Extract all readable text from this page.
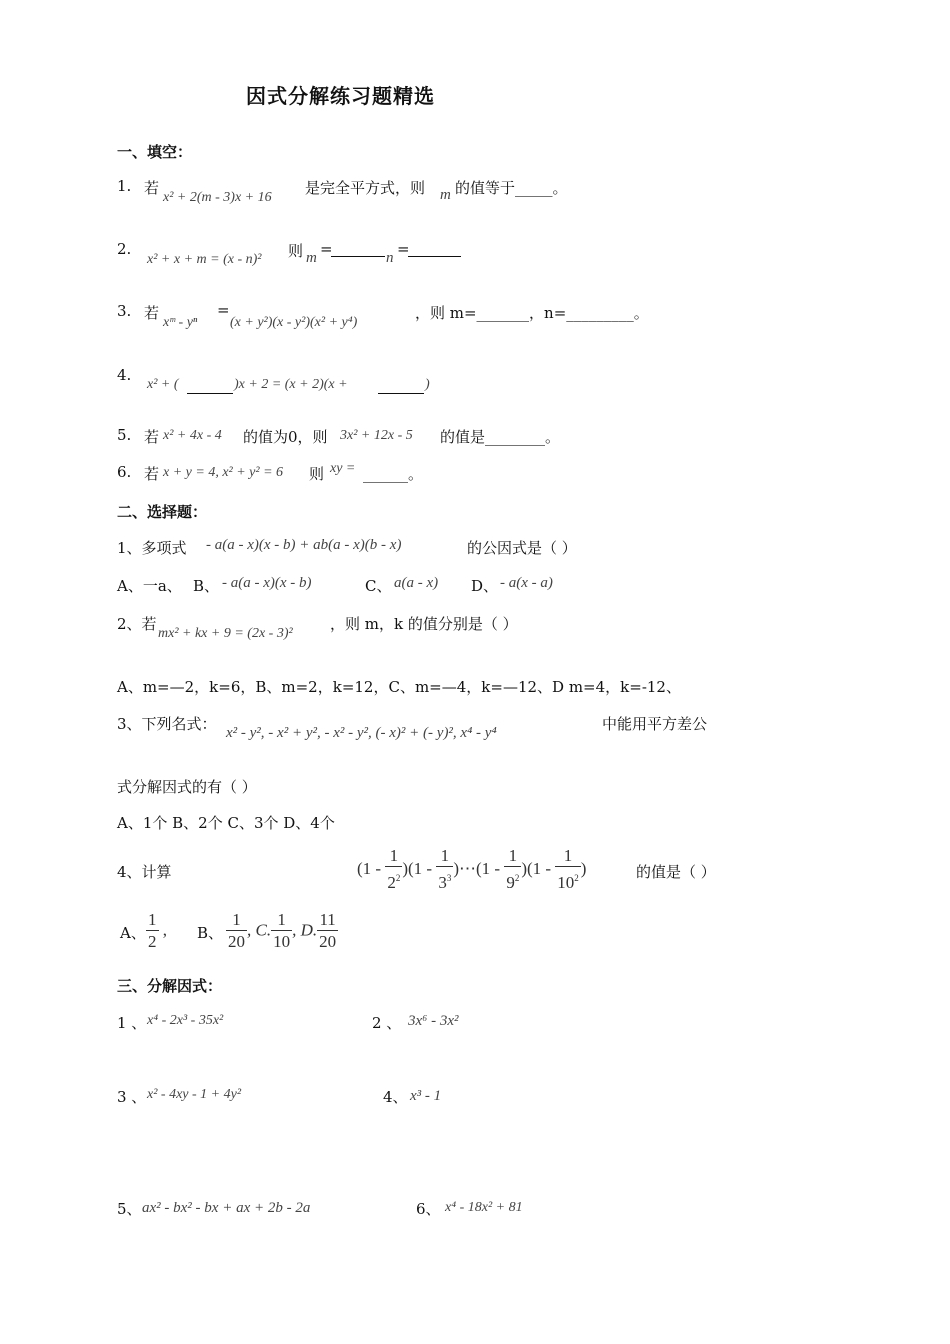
因式分解练习题精选
一、填空：
1. 若
x² + 2(m - 3)x + 16
是完全平方式，则 m 的值等于_____。
2.
x² + x + m = (x - n)² 则 m =	n =
3. 若
xᵐ - yⁿ
=
(x + y²)(x - y²)(x² + y⁴)
，则 m=_______，n=_________。
4.
x² + (	)x + 2 = (x + 2)(x +	)
5. 若 x² + 4x - 4 的值为0，则 3x² + 12x - 5 的值是________。
6. 若 x + y = 4, x² + y² = 6 则 xy = ______。
二、选择题：
1、多项式 - a(a - x)(x - b) + ab(a - x)(b - x)	的公因式是（ ）
A、一a、 B、 - a(a - x)(x - b)	C、 a(a - x) D、 - a(x - a)
2、若
mx² + kx + 9 = (2x - 3)²
，则 m，k 的值分别是（ ）
A、m=—2，k=6，B、m=2，k=12，C、m=—4，k=—12、D m=4，k=-12、
3、下列名式： x² - y², - x² + y², - x² - y², (- x)² + (- y)², x⁴ - y⁴	中能用平方差公
式分解因式的有（ ）
A、1个 B、2个 C、3个 D、4个
4、计算	$(1 - \frac{1}{2^2} )(1 - \frac{1}{3^3}$ )⋯(1 - $\frac{1}{9^2} )(1 - \frac{1}{10^2}$ )	的值是（ ）
A、 $\frac{1}{2}$ , B、 $\frac{1}{20}$ , C. $\frac{1}{10}$ , D. $\frac{11}{20}$
三、分解因式：
1 、 x⁴ - 2x³ - 35x²	2 、 3x⁶ - 3x²
3 、 x² - 4xy - 1 + 4y²	4、 x³ - 1
5、 ax² - bx² - bx + ax + 2b - 2a	6、 x⁴ - 18x² + 81
